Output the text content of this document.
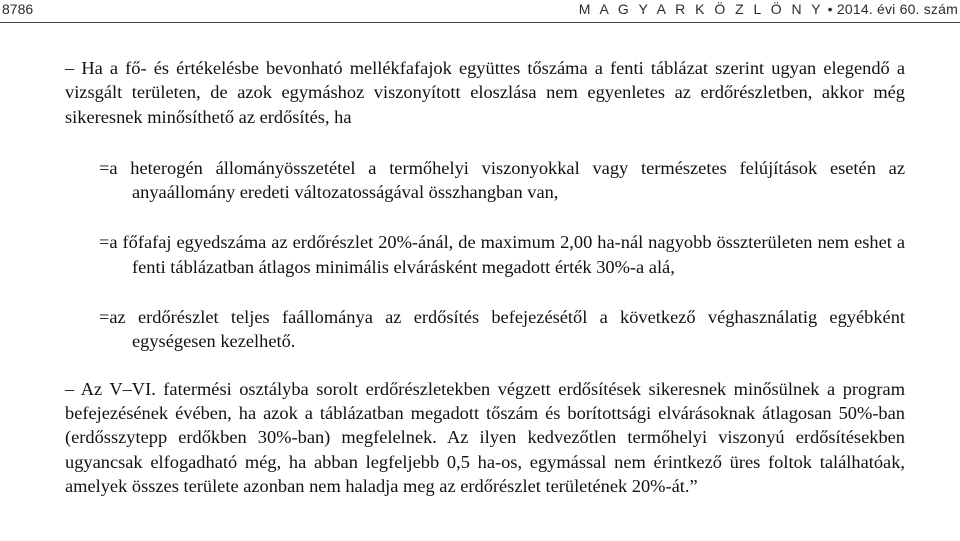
8786	M A G Y A R K Ö Z L Ö N Y • 2014. évi 60. szám

– Ha a fő- és értékelésbe bevonható mellékfafajok együttes tőszáma a fenti táblázat szerint ugyan elegendő a vizsgált területen, de azok egymáshoz viszonyított eloszlása nem egyenletes az erdőrészletben, akkor még sikeresnek minősíthető az erdősítés, ha

=a heterogén állományösszetétel a termőhelyi viszonyokkal vagy természetes felújítások esetén az anyaállomány eredeti változatosságával összhangban van,

=a főfafaj egyedszáma az erdőrészlet 20%-ánál, de maximum 2,00 ha-nál nagyobb összterületen nem eshet a fenti táblázatban átlagos minimális elvárásként megadott érték 30%-a alá,

=az erdőrészlet teljes faállománya az erdősítés befejezésétől a következő véghasználatig egyébként egységesen kezelhető.

– Az V–VI. fatermési osztályba sorolt erdőrészletekben végzett erdősítések sikeresnek minősülnek a program befejezésének évében, ha azok a táblázatban megadott tőszám és borítottsági elvárásoknak átlagosan 50%-ban (erdősszytepp erdőkben 30%-ban) megfelelnek. Az ilyen kedvezőtlen termőhelyi viszonyú erdősítésekben ugyancsak elfogadható még, ha abban legfeljebb 0,5 ha-os, egymással nem érintkező üres foltok találhatóak, amelyek összes területe azonban nem haladja meg az erdőrészlet területének 20%-át.”
